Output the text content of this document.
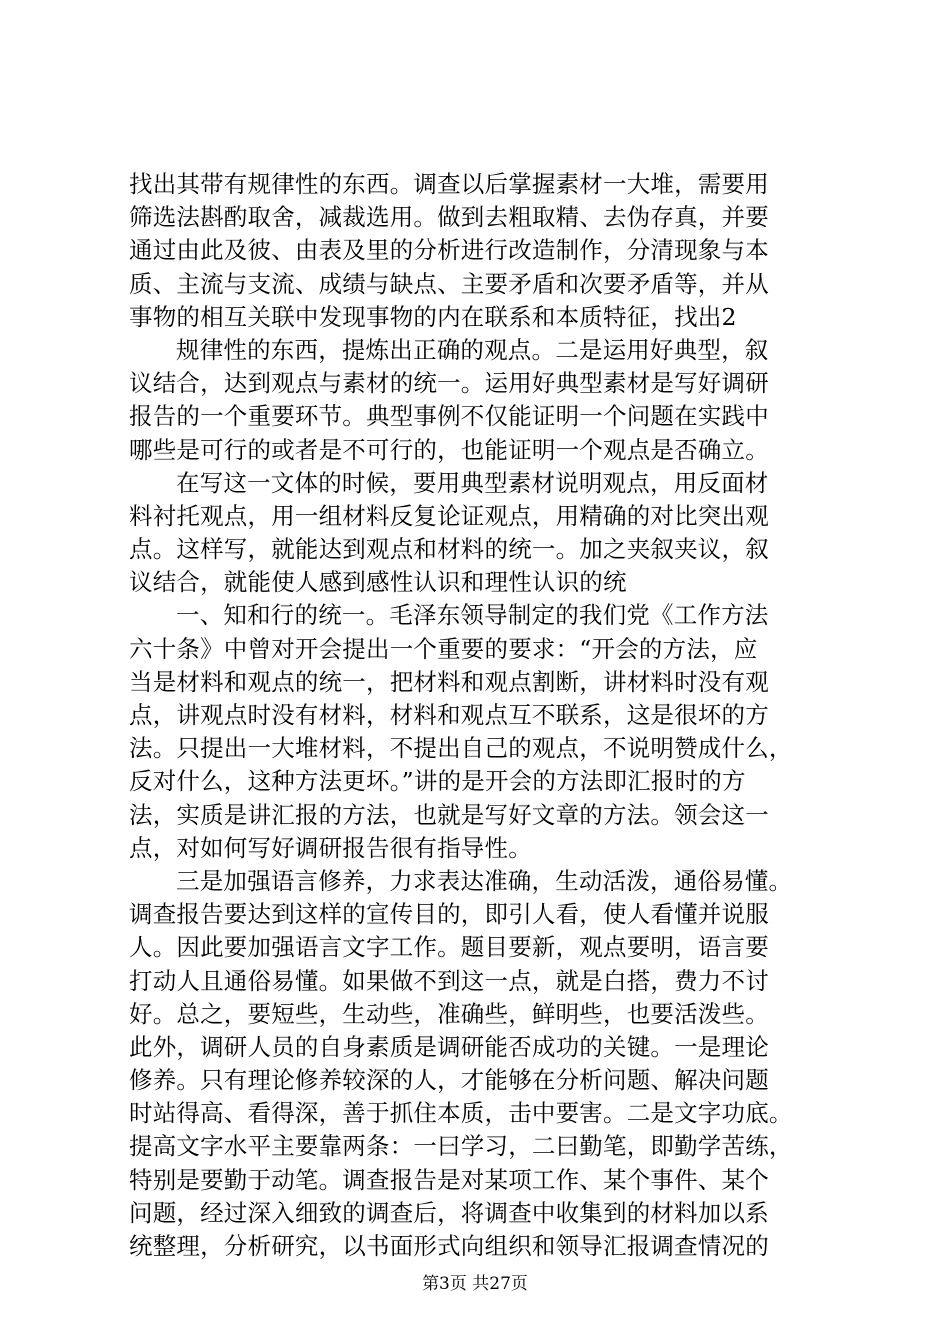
找出其带有规律性的东西。调查以后掌握素材一大堆，需要用
筛选法斟酌取舍，减裁选用。做到去粗取精、去伪存真，并要
通过由此及彼、由表及里的分析进行改造制作，分清现象与本
质、主流与支流、成绩与缺点、主要矛盾和次要矛盾等，并从
事物的相互关联中发现事物的内在联系和本质特征，找出2
规律性的东西，提炼出正确的观点。二是运用好典型，叙
议结合，达到观点与素材的统一。运用好典型素材是写好调研
报告的一个重要环节。典型事例不仅能证明一个问题在实践中
哪些是可行的或者是不可行的，也能证明一个观点是否确立。
在写这一文体的时候，要用典型素材说明观点，用反面材
料衬托观点，用一组材料反复论证观点，用精确的对比突出观
点。这样写，就能达到观点和材料的统一。加之夹叙夹议，叙
议结合，就能使人感到感性认识和理性认识的统
一、知和行的统一。毛泽东领导制定的我们党《工作方法
六十条》中曾对开会提出一个重要的要求：“开会的方法，应
当是材料和观点的统一，把材料和观点割断，讲材料时没有观
点，讲观点时没有材料，材料和观点互不联系，这是很坏的方
法。只提出一大堆材料，不提出自己的观点，不说明赞成什么，
反对什么，这种方法更坏。”讲的是开会的方法即汇报时的方
法，实质是讲汇报的方法，也就是写好文章的方法。领会这一
点，对如何写好调研报告很有指导性。
三是加强语言修养，力求表达准确，生动活泼，通俗易懂。
调查报告要达到这样的宣传目的，即引人看，使人看懂并说服
人。因此要加强语言文字工作。题目要新，观点要明，语言要
打动人且通俗易懂。如果做不到这一点，就是白搭，费力不讨
好。总之，要短些，生动些，准确些，鲜明些，也要活泼些。
此外，调研人员的自身素质是调研能否成功的关键。一是理论
修养。只有理论修养较深的人，才能够在分析问题、解决问题
时站得高、看得深，善于抓住本质，击中要害。二是文字功底。
提高文字水平主要靠两条：一曰学习，二曰勤笔，即勤学苦练，
特别是要勤于动笔。调查报告是对某项工作、某个事件、某个
问题，经过深入细致的调查后，将调查中收集到的材料加以系
统整理，分析研究，以书面形式向组织和领导汇报调查情况的
第3页 共27页
